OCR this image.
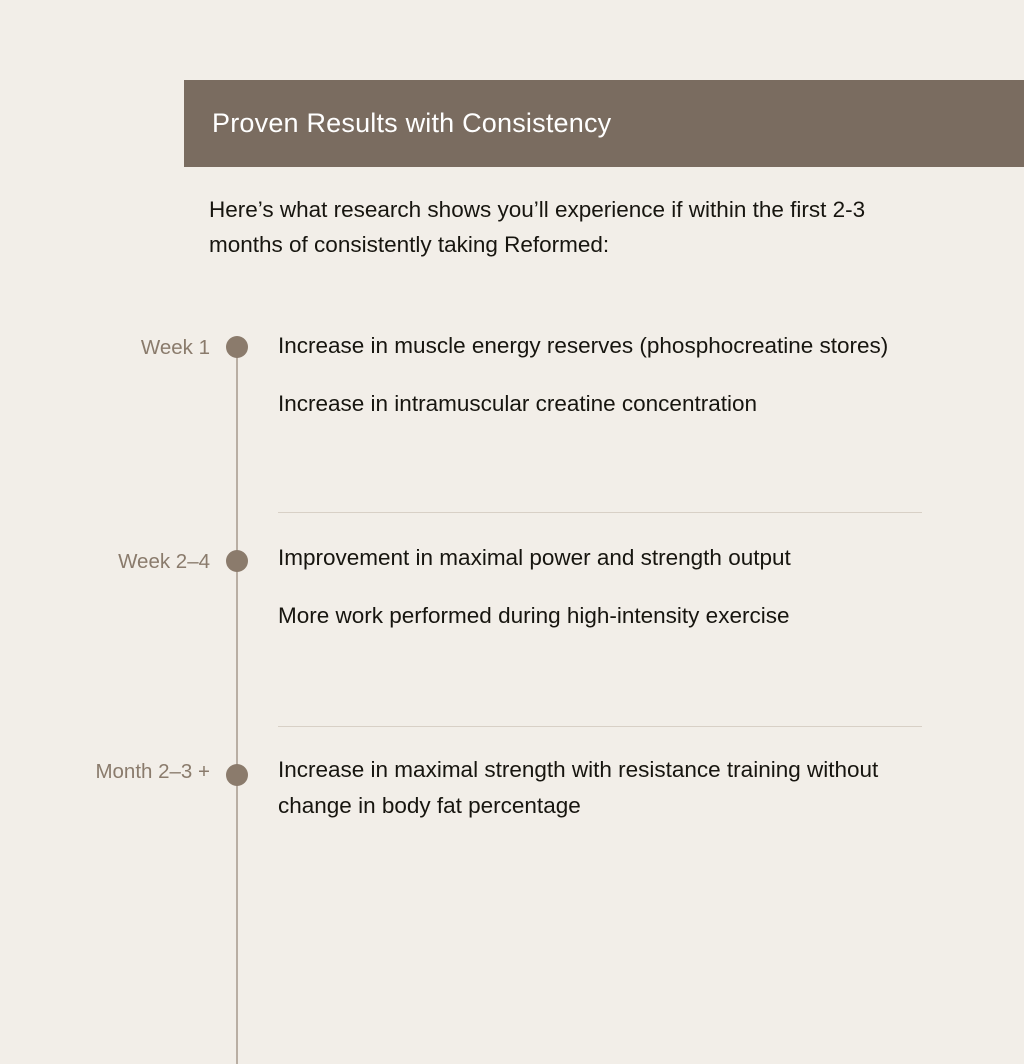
Proven Results with Consistency
Here’s what research shows you’ll experience if within the first 2-3 months of consistently taking Reformed:
Week 1	Increase in muscle energy reserves (phosphocreatine stores)

Increase in intramuscular creatine concentration

Week 2–4	Improvement in maximal power and strength output

More work performed during high-intensity exercise

Month 2–3 +	Increase in maximal strength with resistance training without change in body fat percentage
